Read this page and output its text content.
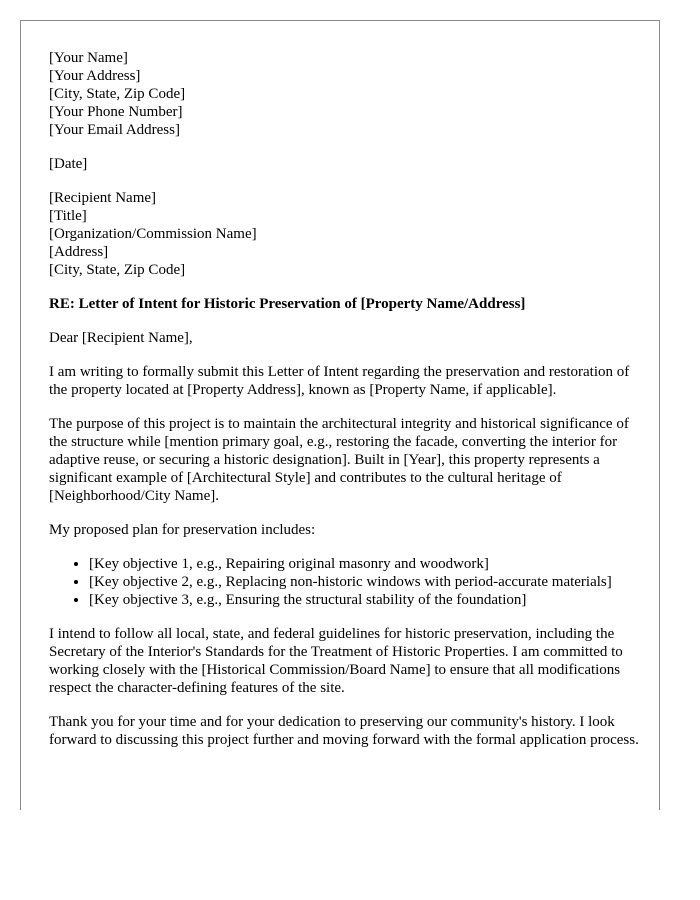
[Your Name]
[Your Address]
[City, State, Zip Code]
[Your Phone Number]
[Your Email Address]
[Date]
[Recipient Name]
[Title]
[Organization/Commission Name]
[Address]
[City, State, Zip Code]
RE: Letter of Intent for Historic Preservation of [Property Name/Address]

Dear [Recipient Name],

I am writing to formally submit this Letter of Intent regarding the preservation and restoration of the property located at [Property Address], known as [Property Name, if applicable].

The purpose of this project is to maintain the architectural integrity and historical significance of the structure while [mention primary goal, e.g., restoring the facade, converting the interior for adaptive reuse, or securing a historic designation]. Built in [Year], this property represents a significant example of [Architectural Style] and contributes to the cultural heritage of [Neighborhood/City Name].

My proposed plan for preservation includes:

• [Key objective 1, e.g., Repairing original masonry and woodwork]
• [Key objective 2, e.g., Replacing non-historic windows with period-accurate materials]
• [Key objective 3, e.g., Ensuring the structural stability of the foundation]

I intend to follow all local, state, and federal guidelines for historic preservation, including the Secretary of the Interior's Standards for the Treatment of Historic Properties. I am committed to working closely with the [Historical Commission/Board Name] to ensure that all modifications respect the character-defining features of the site.

Thank you for your time and for your dedication to preserving our community's history. I look forward to discussing this project further and moving forward with the formal application process.
